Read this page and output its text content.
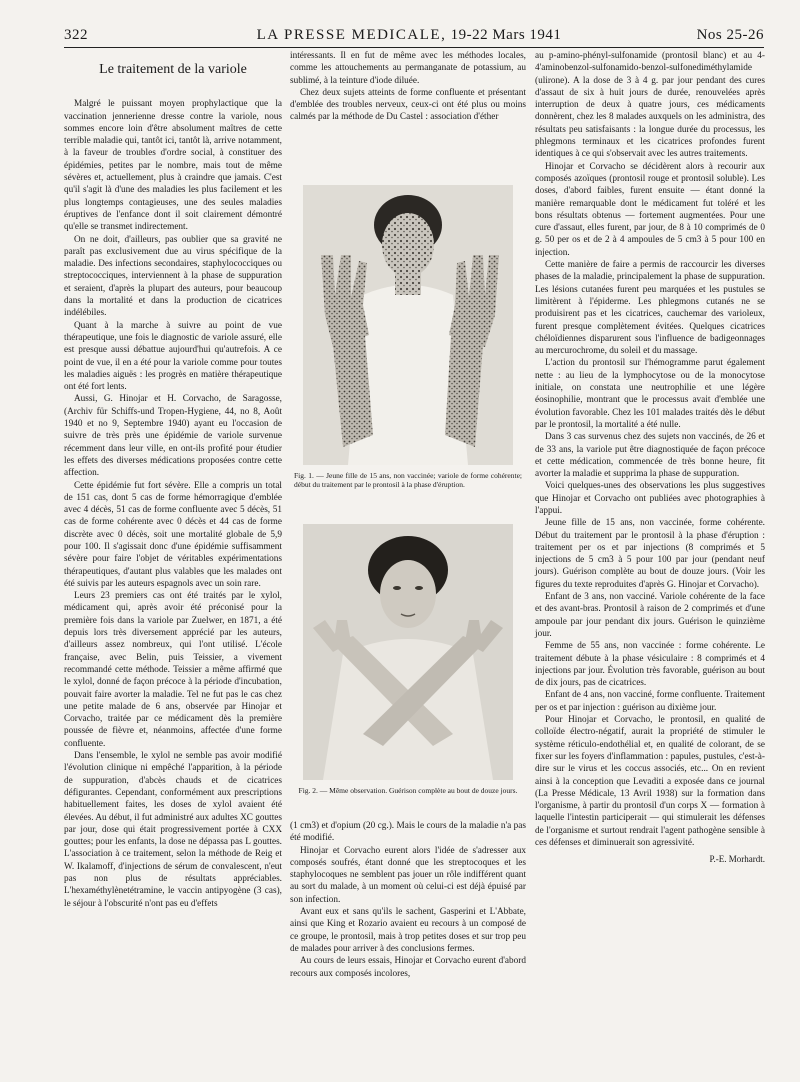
322	LA PRESSE MEDICALE, 19-22 Mars 1941	Nos 25-26
Le traitement de la variole

Malgré le puissant moyen prophylactique que la vaccination jennerienne dresse contre la variole, nous sommes encore loin d'être absolument maîtres de cette terrible maladie qui, tantôt ici, tantôt là, arrive notamment, à la faveur de troubles d'ordre social, à constituer des épidémies, petites par le nombre, mais tout de même sévères et, actuellement, plus à craindre que jamais. C'est qu'il s'agit là d'une des maladies les plus facilement et les plus longtemps contagieuses, une des seules maladies éruptives de l'enfance dont il soit clairement démontré qu'elle se transmet indirectement.

On ne doit, d'ailleurs, pas oublier que sa gravité ne paraît pas exclusivement due au virus spécifique de la maladie. Des infections secondaires, staphylococciques ou streptococciques, interviennent à la phase de suppuration et seraient, d'après la plupart des auteurs, pour beaucoup dans la mortalité et dans la production de cicatrices indélébiles.

Quant à la marche à suivre au point de vue thérapeutique, une fois le diagnostic de variole assuré, elle est presque aussi débattue aujourd'hui qu'autrefois. A ce point de vue, il en a été pour la variole comme pour toutes les maladies aiguës : les progrès en matière thérapeutique ont été fort lents.

Aussi, G. Hinojar et H. Corvacho, de Saragosse, (Archiv für Schiffs-und Tropen-Hygiene, 44, no 8, Août 1940 et no 9, Septembre 1940) ayant eu l'occasion de suivre de très près une épidémie de variole survenue récemment dans leur ville, en ont-ils profité pour étudier les effets des diverses médications proposées contre cette affection.

Cette épidémie fut fort sévère. Elle a compris un total de 151 cas, dont 5 cas de forme hémorragique d'emblée avec 4 décès, 51 cas de forme confluente avec 5 décès, 51 cas de forme cohérente avec 0 décès et 44 cas de forme discrète avec 0 décès, soit une mortalité globale de 5,9 pour 100. Il s'agissait donc d'une épidémie suffisamment sévère pour faire l'objet de véritables expérimentations thérapeutiques, d'autant plus valables que les malades ont été suivis par les auteurs espagnols avec un soin rare.

Leurs 23 premiers cas ont été traités par le xylol, médicament qui, après avoir été préconisé pour la première fois dans la variole par Zuelwer, en 1871, a été depuis lors très diversement apprécié par les auteurs, d'ailleurs assez nombreux, qui l'ont utilisé. L'école française, avec Belin, puis Teissier, a vivement recommandé cette méthode. Teissier a même affirmé que le xylol, donné de façon précoce à la période d'incubation, pouvait faire avorter la maladie. Tel ne fut pas le cas chez une petite malade de 6 ans, observée par Hinojar et Corvacho, traitée par ce médicament dès la première poussée de fièvre et, néanmoins, affectée d'une forme confluente.

Dans l'ensemble, le xylol ne semble pas avoir modifié l'évolution clinique ni empêché l'apparition, à la période de suppuration, d'abcès chauds et de cicatrices défigurantes. Cependant, conformément aux prescriptions habituellement faites, les doses de xylol avaient été élevées. Au début, il fut administré aux adultes XC gouttes par jour, dose qui était progressivement portée à CXX gouttes; pour les enfants, la dose ne dépassa pas L gouttes. L'association à ce traitement, selon la méthode de Reig et W. Ikalamoff, d'injections de sérum de convalescent, n'eut pas non plus de résultats appréciables. L'hexaméthylènetétramine, le vaccin antipyogène (3 cas), le séjour à l'obscurité n'ont pas eu d'effets

intéressants. Il en fut de même avec les méthodes locales, comme les attouchements au permanganate de potassium, au sublimé, à la teinture d'iode diluée.

Chez deux sujets atteints de forme confluente et présentant d'emblée des troubles nerveux, ceux-ci ont été plus ou moins calmés par la méthode de Du Castel : association d'éther

Fig. 1. — Jeune fille de 15 ans, non vaccinée; variole de forme cohérente; début du traitement par le prontosil à la phase d'éruption.
Fig. 2. — Même observation. Guérison complète au bout de douze jours.

(1 cm3) et d'opium (20 cg.). Mais le cours de la maladie n'a pas été modifié.

Hinojar et Corvacho eurent alors l'idée de s'adresser aux composés soufrés, étant donné que les streptocoques et les staphylocoques ne semblent pas jouer un rôle indifférent quant au sort du malade, à un moment où celui-ci est déjà épuisé par son infection.

Avant eux et sans qu'ils le sachent, Gasperini et L'Abbate, ainsi que King et Rozario avaient eu recours à un composé de ce groupe, le prontosil, mais à trop petites doses et sur trop peu de malades pour arriver à des conclusions fermes.

Au cours de leurs essais, Hinojar et Corvacho eurent d'abord recours aux composés incolores,

au p-amino-phényl-sulfonamide (prontosil blanc) et au 4-4'aminobenzol-sulfonamido-benzol-sulfonediméthylamide (ulirone). A la dose de 3 à 4 g. par jour pendant des cures d'assaut de six à huit jours de durée, renouvelées après interruption de deux à quatre jours, ces médicaments donnèrent, chez les 8 malades auxquels on les administra, des résultats peu satisfaisants : la longue durée du processus, les phlegmons terminaux et les cicatrices profondes furent identiques à ce qui s'observait avec les autres traitements.

Hinojar et Corvacho se décidèrent alors à recourir aux composés azoïques (prontosil rouge et prontosil soluble). Les doses, d'abord faibles, furent ensuite — étant donné la manière remarquable dont le médicament fut toléré et les bons résultats obtenus — fortement augmentées. Pour une cure d'assaut, elles furent, par jour, de 8 à 10 comprimés de 0 g. 50 per os et de 2 à 4 ampoules de 5 cm3 à 5 pour 100 en injection.

Cette manière de faire a permis de raccourcir les diverses phases de la maladie, principalement la phase de suppuration. Les lésions cutanées furent peu marquées et les pustules se limitèrent à l'épiderme. Les phlegmons cutanés ne se produisirent pas et les cicatrices, cauchemar des varioleux, furent presque complètement évitées. Quelques cicatrices chéloïdiennes disparurent sous l'influence de badigeonnages au mercurochrome, du soleil et du massage.

L'action du prontosil sur l'hémogramme parut également nette : au lieu de la lymphocytose ou de la monocytose initiale, on constata une neutrophilie et une légère éosinophilie, montrant que le processus avait d'emblée une évolution favorable. Chez les 101 malades traités dès le début par le prontosil, la mortalité a été nulle.

Dans 3 cas survenus chez des sujets non vaccinés, de 26 et de 33 ans, la variole put être diagnostiquée de façon précoce et cette médication, commencée de très bonne heure, fit avorter la maladie et supprima la phase de suppuration.

Voici quelques-unes des observations les plus suggestives que Hinojar et Corvacho ont publiées avec photographies à l'appui.

Jeune fille de 15 ans, non vaccinée, forme cohérente. Début du traitement par le prontosil à la phase d'éruption : traitement per os et par injections (8 comprimés et 5 injections de 5 cm3 à 5 pour 100 par jour (pendant neuf jours). Guérison complète au bout de douze jours. (Voir les figures du texte reproduites d'après G. Hinojar et Corvacho).

Enfant de 3 ans, non vacciné. Variole cohérente de la face et des avant-bras. Prontosil à raison de 2 comprimés et d'une ampoule par jour pendant dix jours. Guérison le quinzième jour.

Femme de 55 ans, non vaccinée : forme cohérente. Le traitement débute à la phase vésiculaire : 8 comprimés et 4 injections par jour. Évolution très favorable, guérison au bout de dix jours, pas de cicatrices.

Enfant de 4 ans, non vacciné, forme confluente. Traitement per os et par injection : guérison au dixième jour.

Pour Hinojar et Corvacho, le prontosil, en qualité de colloïde électro-négatif, aurait la propriété de stimuler le système réticulo-endothélial et, en qualité de colorant, de se fixer sur les foyers d'inflammation : papules, pustules, c'est-à-dire sur le virus et les coccus associés, etc... On en revient ainsi à la conception que Levaditi a exposée dans ce journal (La Presse Médicale, 13 Avril 1938) sur la formation dans l'organisme, à partir du prontosil d'un corps X — formation à laquelle l'intestin participerait — qui stimulerait les défenses de l'organisme et surtout rendrait l'agent pathogène sensible à ces défenses et diminuerait son agressivité.

P.-E. Morhardt.
